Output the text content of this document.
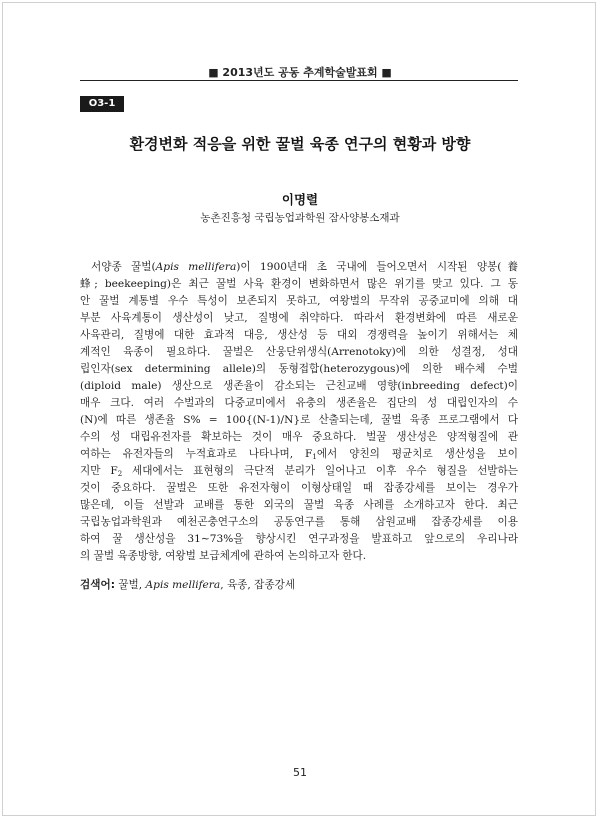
■ 2013년도 공동 추계학술발표회 ■
O3-1
환경변화 적응을 위한 꿀벌 육종 연구의 현황과 방향
이명렬
농촌진흥청 국립농업과학원 잠사양봉소재과
서양종 꿀벌(Apis mellifera)이 1900년대 초 국내에 들어오면서 시작된 양봉(養
蜂; beekeeping)은 최근 꿀벌 사육 환경이 변화하면서 많은 위기를 맞고 있다. 그 동
안 꿀벌 계통별 우수 특성이 보존되지 못하고, 여왕벌의 무작위 공중교미에 의해 대
부분 사육계통이 생산성이 낮고, 질병에 취약하다. 따라서 환경변화에 따른 새로운
사육관리, 질병에 대한 효과적 대응, 생산성 등 대외 경쟁력을 높이기 위해서는 체
계적인 육종이 필요하다. 꿀벌은 산웅단위생식(Arrenotoky)에 의한 성결정, 성대
립인자(sex determining allele)의 동형접합(heterozygous)에 의한 배수체 수벌
(diploid male) 생산으로 생존율이 감소되는 근친교배 영향(inbreeding defect)이
매우 크다. 여러 수벌과의 다중교미에서 유충의 생존율은 집단의 성 대립인자의 수
(N)에 따른 생존율 S% = 100{(N-1)/N}로 산출되는데, 꿀벌 육종 프로그램에서 다
수의 성 대립유전자를 확보하는 것이 매우 중요하다. 벌꿀 생산성은 양적형질에 관
여하는 유전자들의 누적효과로 나타나며, $F_1$에서 양친의 평균치로 생산성을 보이
지만 $F_2$ 세대에서는 표현형의 극단적 분리가 일어나고 이후 우수 형질을 선발하는
것이 중요하다. 꿀벌은 또한 유전자형이 이형상태일 때 잡종강세를 보이는 경우가
많은데, 이들 선발과 교배를 통한 외국의 꿀벌 육종 사례를 소개하고자 한다. 최근
국립농업과학원과 예천곤충연구소의 공동연구를 통해 삼원교배 잡종강세를 이용
하여 꿀 생산성을 31∼73%을 향상시킨 연구과정을 발표하고 앞으로의 우리나라
의 꿀벌 육종방향, 여왕벌 보급체계에 관하여 논의하고자 한다.
검색어: 꿀벌, Apis mellifera, 육종, 잡종강세
51
